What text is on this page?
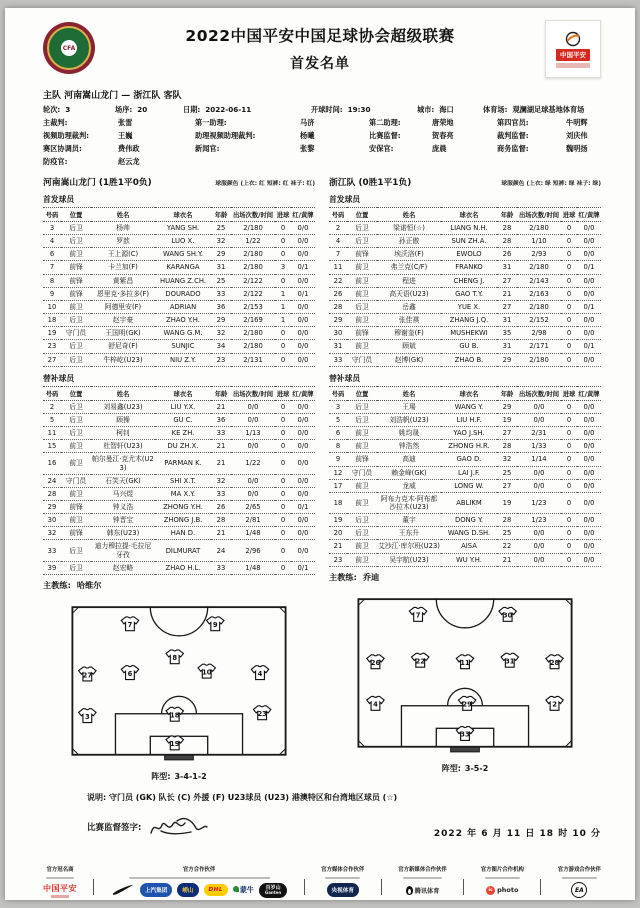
CFA
2022中国平安中国足球协会超级联赛
首发名单
中国平安
主队 河南嵩山龙门 — 浙江队 客队
轮次: 3	场序: 20	日期: 2022-06-11	开球时间: 19:30	城市: 海口	体育场: 观澜湖足球基地体育场
主裁判:	张雷	第一助理:	马济	第二助理:	唐荣地	第四官员:	牛明辉
视频助理裁判:	王巍	助理视频助理裁判:	杨曦	比赛监督:	贺春亮	裁判监督:	刘庆伟
赛区协调员:	费伟政	新闻官:	张黎	安保官:	庞晨	商务监督:	魏明扬
防疫官:	赵云龙
河南嵩山龙门 (1胜1平0负)	球服颜色 (上衣: 红 短裤: 红 袜子: 红)
首发球员
号码	位置	姓名	球衣名	年龄	出场次数/时间	进球	红/黄牌
3	后卫	杨帅	YANG SH.	25	2/180	0	0/0
4	后卫	罗歆	LUO X.	32	1/22	0	0/0
6	前卫	王上源(C)	WANG SH.Y.	29	2/180	0	0/0
7	前锋	卡兰加(F)	KARANGA	31	2/180	3	0/1
8	前锋	黄紫昌	HUANG Z.CH.	25	2/122	0	0/0
9	前锋	恩里克·多拉多(F)	DOURADO	33	2/122	1	0/1
10	前卫	阿德里安(F)	ADRIAN	36	2/153	1	0/0
18	后卫	赵宇豪	ZHAO Y.H.	29	2/169	1	0/0
19	守门员	王国明(GK)	WANG G.M.	32	2/180	0	0/0
23	后卫	舒尼奇(F)	SUNJIC	34	2/180	0	0/0
27	后卫	牛梓屹(U23)	NIU Z.Y.	23	2/131	0	0/0
替补球员
号码	位置	姓名	球衣名	年龄	出场次数/时间	进球	红/黄牌
2	后卫	刘易鑫(U23)	LIU Y.X.	21	0/0	0	0/0
5	后卫	顾操	GU C.	36	0/0	0	0/0
11	后卫	柯钊	KE ZH.	33	1/13	0	0/0
15	前卫	杜智轩(U23)	DU ZH.X.	21	0/0	0	0/0
16	前卫	帕尔曼江·克尤木(U23)	PARMAN K.	21	1/22	0	0/0
24	守门员	石笑天(GK)	SHI X.T.	32	0/0	0	0/0
28	前卫	马兴煜	MA X.Y.	33	0/0	0	0/0
29	前锋	钟义浩	ZHONG Y.H.	26	2/65	0	0/1
30	前卫	钟晋宝	ZHONG J.B.	28	2/81	0	0/0
32	前锋	韩东(U23)	HAN D.	21	1/48	0	0/0
33	后卫	迪力穆拉提·毛拉尼牙孜	DILMURAT	24	2/96	0	0/0
39	后卫	赵宏略	ZHAO H.L.	33	1/48	0	0/1
主教练: 哈维尔
7	9
8
27	6	10	4
3	18	23
19
阵型: 3-4-1-2
浙江队 (0胜1平1负)	球服颜色 (上衣: 绿 短裤: 绿 袜子: 绿)
首发球员
号码	位置	姓名	球衣名	年龄	出场次数/时间	进球	红/黄牌
2	后卫	梁诺恒(☆)	LIANG N.H.	28	2/180	0	0/0
4	后卫	孙正傲	SUN ZH.A.	28	1/10	0	0/0
7	前锋	埃沃洛(F)	EWOLO	26	2/93	0	0/0
11	前卫	弗兰克(C/F)	FRANKO	31	2/180	0	0/1
22	前卫	程进	CHENG J.	27	2/143	0	0/0
26	前卫	高天语(U23)	GAO T.Y.	21	2/163	0	0/0
28	后卫	岳鑫	YUE X.	27	2/180	0	0/1
29	前卫	张佳祺	ZHANG J.Q.	31	2/152	0	0/0
30	前锋	穆谢奎(F)	MUSHEKWI	35	2/98	0	0/0
31	前卫	顾斌	GU B.	31	2/171	0	0/1
33	守门员	赵博(GK)	ZHAO B.	29	2/180	0	0/0
替补球员
号码	位置	姓名	球衣名	年龄	出场次数/时间	进球	红/黄牌
3	后卫	王瑒	WANG Y.	29	0/0	0	0/0
5	后卫	刘浩帆(U23)	LIU H.F.	19	0/0	0	0/0
6	前卫	姚均晟	YAO J.SH.	27	2/31	0	0/0
8	前卫	钟浩然	ZHONG H.R.	28	1/33	0	0/0
9	前锋	高迪	GAO D.	32	1/14	0	0/0
12	守门员	赖金峰(GK)	LAI J.F.	25	0/0	0	0/0
17	前卫	龙威	LONG W.	27	0/0	0	0/0
18	前卫	阿布力克木·阿布都沙拉木(U23)	ABLIKM	19	1/23	0	0/0
19	后卫	董宇	DONG Y.	28	1/23	0	0/0
20	后卫	王东升	WANG D.SH.	25	0/0	0	0/0
21	前卫	艾沙江·库尔班(U23)	AISA	22	0/0	0	0/0
23	前卫	吴宇航(U23)	WU Y.H.	21	0/0	0	0/0
主教练: 乔迪
7	30
26	22	11	31	28
4	29	2
33
阵型: 3-5-2
说明: 守门员 (GK) 队长 (C) 外援 (F) U23球员 (U23) 港澳特区和台湾地区球员 (☆)
比赛监督签字:
2022 年 6 月 11 日 18 时 10 分
官方冠名商
中国平安
官方合作伙伴
上汽集团	崂山	DHL	蒙牛	百岁山
Ganten
官方媒体合作伙伴
央视体育
官方新媒体合作伙伴
腾讯体育
官方图片合作机构
ic photo
官方游戏合作伙伴
EA
